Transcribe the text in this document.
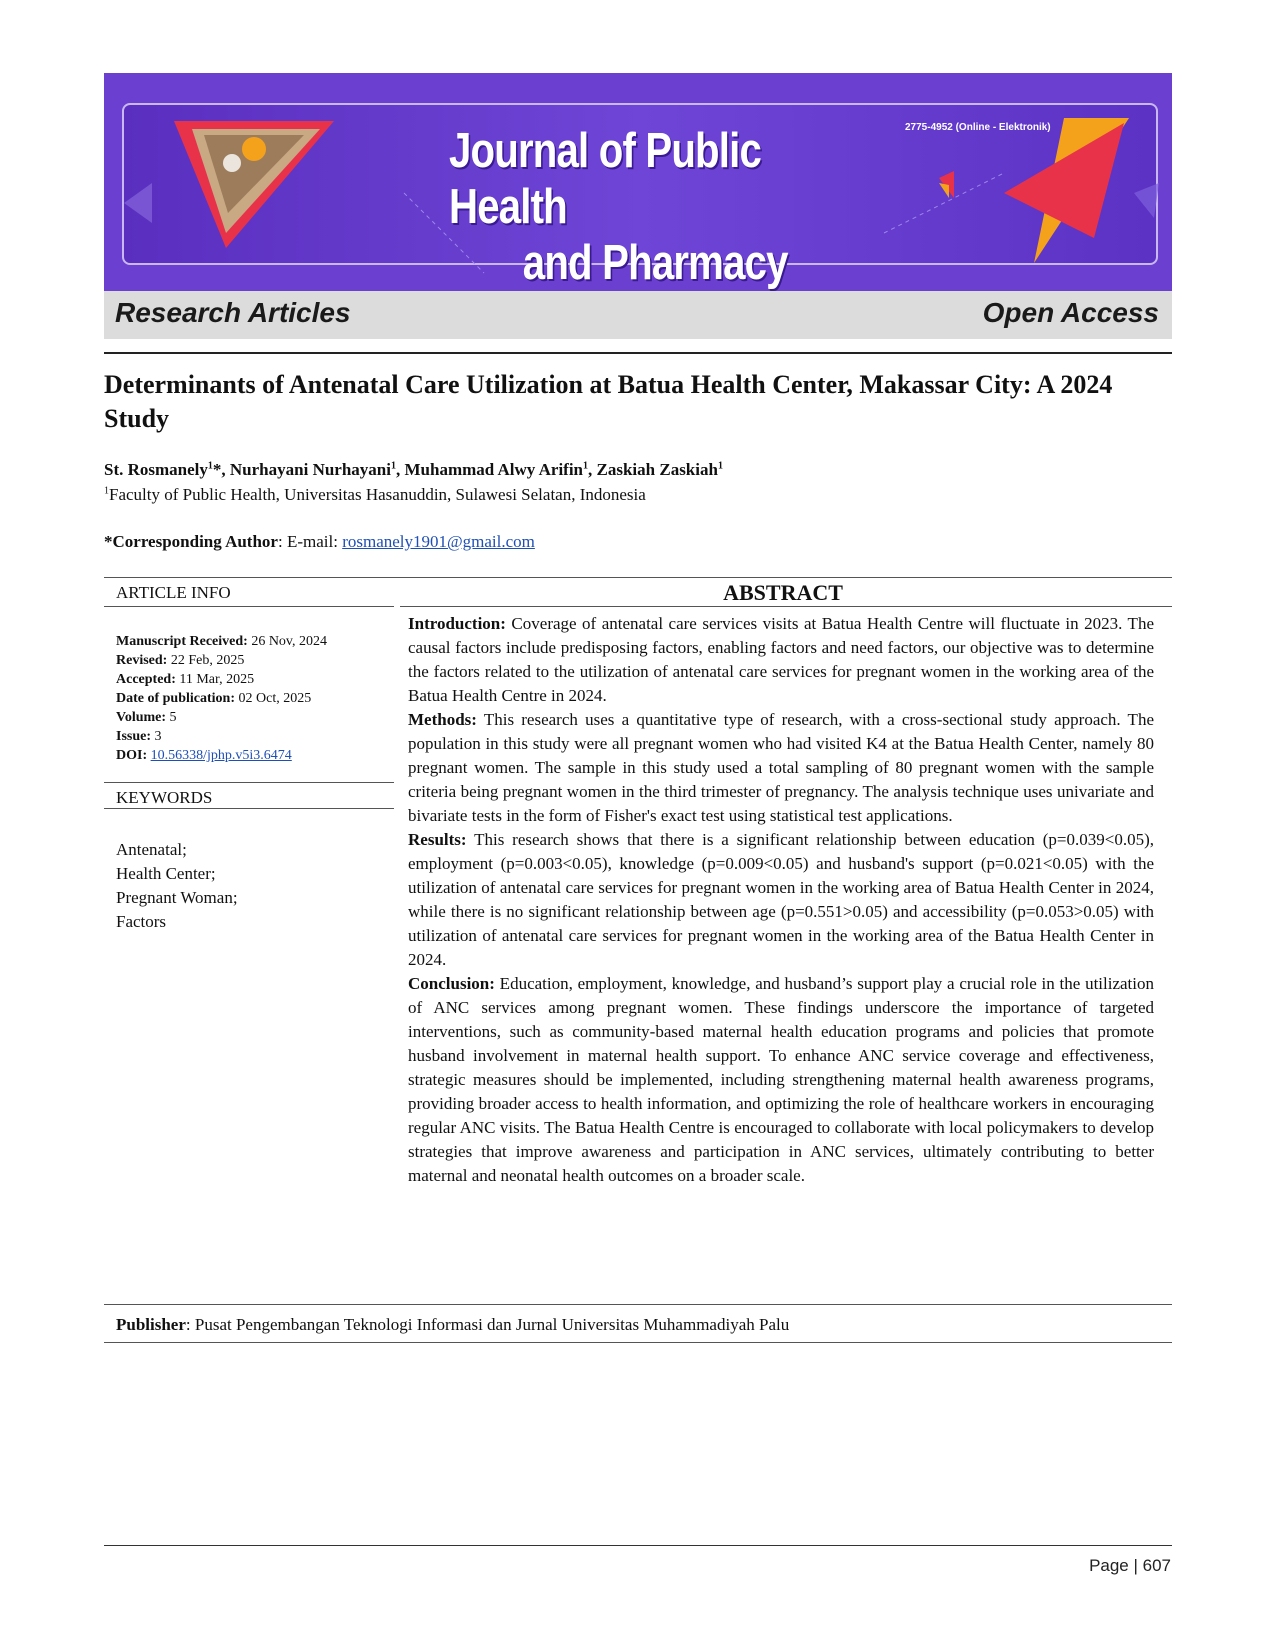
2775-4952 (Online - Elektronik)
Journal of Public Health
and Pharmacy
Research Articles	Open Access
Determinants of Antenatal Care Utilization at Batua Health Center, Makassar City: A 2024 Study
St. Rosmanely$^1$*, Nurhayani Nurhayani$^1$, Muhammad Alwy Arifin$^1$, Zaskiah Zaskiah$^1$
$^1$Faculty of Public Health, Universitas Hasanuddin, Sulawesi Selatan, Indonesia
*Corresponding Author: E-mail: rosmanely1901@gmail.com
ARTICLE INFO	ABSTRACT
Manuscript Received: 26 Nov, 2024
Revised: 22 Feb, 2025
Accepted: 11 Mar, 2025
Date of publication: 02 Oct, 2025
Volume: 5
Issue: 3
DOI: 10.56338/jphp.v5i3.6474
KEYWORDS
Antenatal;
Health Center;
Pregnant Woman;
Factors

Introduction: Coverage of antenatal care services visits at Batua Health Centre will fluctuate in 2023. The causal factors include predisposing factors, enabling factors and need factors, our objective was to determine the factors related to the utilization of antenatal care services for pregnant women in the working area of the Batua Health Centre in 2024.

Methods: This research uses a quantitative type of research, with a cross-sectional study approach. The population in this study were all pregnant women who had visited K4 at the Batua Health Center, namely 80 pregnant women. The sample in this study used a total sampling of 80 pregnant women with the sample criteria being pregnant women in the third trimester of pregnancy. The analysis technique uses univariate and bivariate tests in the form of Fisher's exact test using statistical test applications.

Results: This research shows that there is a significant relationship between education (p=0.039<0.05), employment (p=0.003<0.05), knowledge (p=0.009<0.05) and husband's support (p=0.021<0.05) with the utilization of antenatal care services for pregnant women in the working area of Batua Health Center in 2024, while there is no significant relationship between age (p=0.551>0.05) and accessibility (p=0.053>0.05) with utilization of antenatal care services for pregnant women in the working area of the Batua Health Center in 2024.

Conclusion: Education, employment, knowledge, and husband’s support play a crucial role in the utilization of ANC services among pregnant women. These findings underscore the importance of targeted interventions, such as community-based maternal health education programs and policies that promote husband involvement in maternal health support. To enhance ANC service coverage and effectiveness, strategic measures should be implemented, including strengthening maternal health awareness programs, providing broader access to health information, and optimizing the role of healthcare workers in encouraging regular ANC visits. The Batua Health Centre is encouraged to collaborate with local policymakers to develop strategies that improve awareness and participation in ANC services, ultimately contributing to better maternal and neonatal health outcomes on a broader scale.

Publisher: Pusat Pengembangan Teknologi Informasi dan Jurnal Universitas Muhammadiyah Palu
Page | 607
